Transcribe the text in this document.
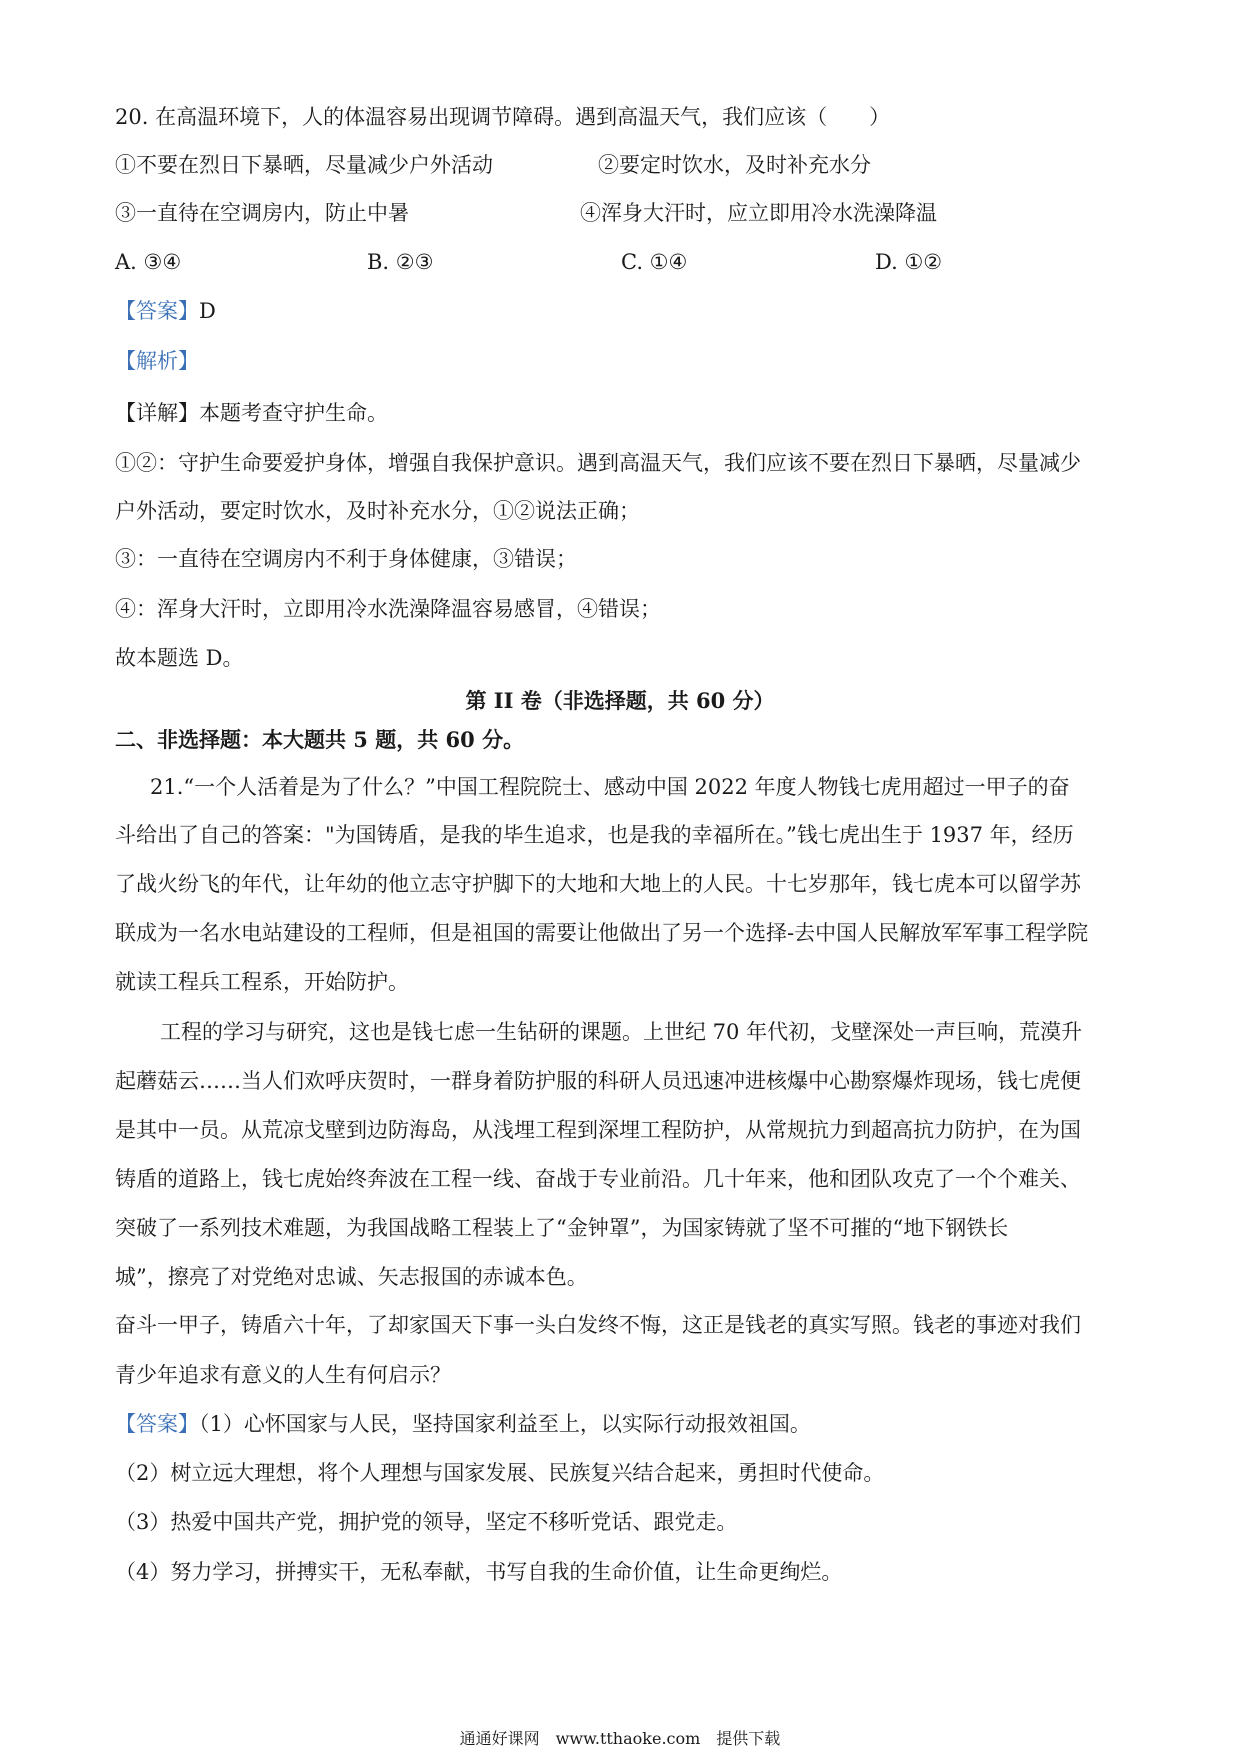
20. 在高温环境下，人的体温容易出现调节障碍。遇到高温天气，我们应该（　　）
①不要在烈日下暴晒，尽量减少户外活动	②要定时饮水，及时补充水分
③一直待在空调房内，防止中暑	④浑身大汗时，应立即用冷水洗澡降温
A. ③④	B. ②③	C. ①④	D. ①②
【答案】D
【解析】
【详解】本题考查守护生命。
①②：守护生命要爱护身体，增强自我保护意识。遇到高温天气，我们应该不要在烈日下暴晒，尽量减少
户外活动，要定时饮水，及时补充水分，①②说法正确；
③：一直待在空调房内不利于身体健康，③错误；
④：浑身大汗时，立即用冷水洗澡降温容易感冒，④错误；
故本题选 D。
第 II 卷（非选择题，共 60 分）
二、非选择题：本大题共 5 题，共 60 分。
21.“一个人活着是为了什么？”中国工程院院士、感动中国 2022 年度人物钱七虎用超过一甲子的奋
斗给出了自己的答案："为国铸盾，是我的毕生追求，也是我的幸福所在。”钱七虎出生于 1937 年，经历
了战火纷飞的年代，让年幼的他立志守护脚下的大地和大地上的人民。十七岁那年，钱七虎本可以留学苏
联成为一名水电站建设的工程师，但是祖国的需要让他做出了另一个选择-去中国人民解放军军事工程学院
就读工程兵工程系，开始防护。
工程的学习与研究，这也是钱七虑一生钻研的课题。上世纪 70 年代初，戈壁深处一声巨响，荒漠升
起蘑菇云……当人们欢呼庆贺时，一群身着防护服的科研人员迅速冲进核爆中心勘察爆炸现场，钱七虎便
是其中一员。从荒凉戈壁到边防海岛，从浅埋工程到深埋工程防护，从常规抗力到超高抗力防护，在为国
铸盾的道路上，钱七虎始终奔波在工程一线、奋战于专业前沿。几十年来，他和团队攻克了一个个难关、
突破了一系列技术难题，为我国战略工程装上了“金钟罩”，为国家铸就了坚不可摧的“地下钢铁长
城”，擦亮了对党绝对忠诚、矢志报国的赤诚本色。
奋斗一甲子，铸盾六十年，了却家国天下事一头白发终不悔，这正是钱老的真实写照。钱老的事迹对我们
青少年追求有意义的人生有何启示？
【答案】（1）心怀国家与人民，坚持国家利益至上，以实际行动报效祖国。
（2）树立远大理想，将个人理想与国家发展、民族复兴结合起来，勇担时代使命。
（3）热爱中国共产党，拥护党的领导，坚定不移听党话、跟党走。
（4）努力学习，拼搏实干，无私奉献，书写自我的生命价值，让生命更绚烂。
通通好课网　www.tthaoke.com　提供下载
